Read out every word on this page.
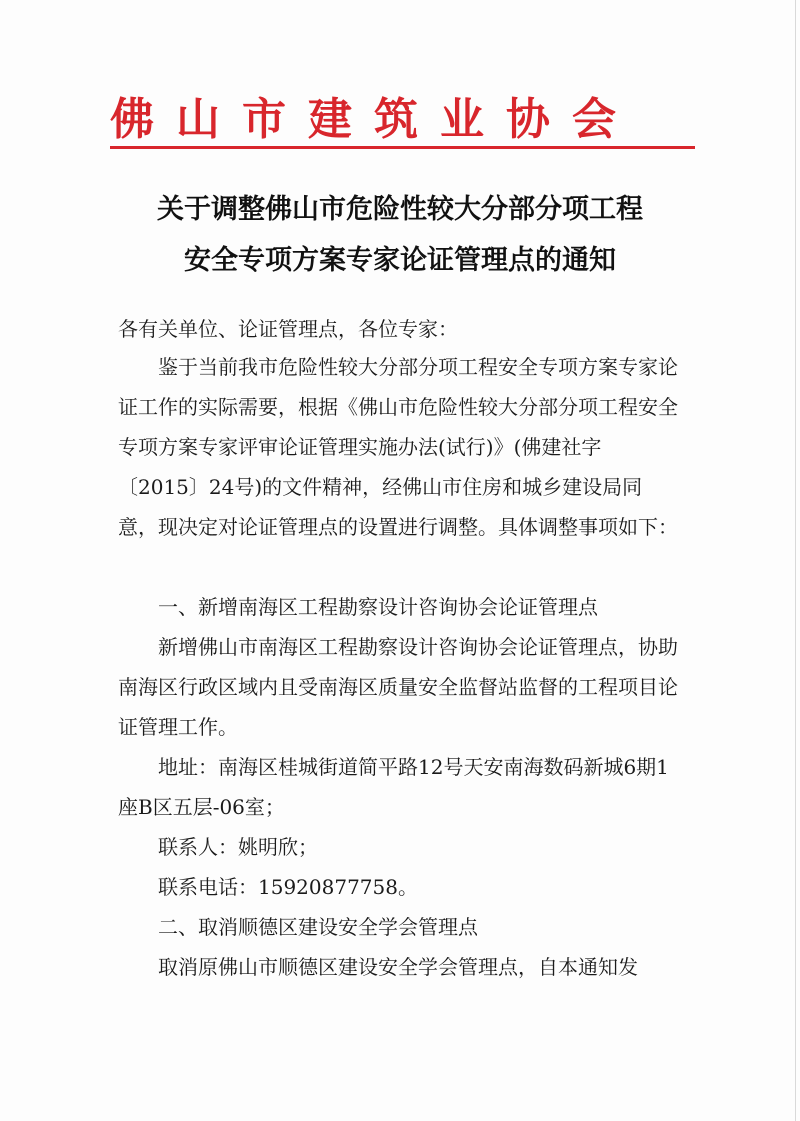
佛山市建筑业协会
关于调整佛山市危险性较大分部分项工程
安全专项方案专家论证管理点的通知
各有关单位、论证管理点，各位专家：

鉴于当前我市危险性较大分部分项工程安全专项方案专家论证工作的实际需要，根据《佛山市危险性较大分部分项工程安全专项方案专家评审论证管理实施办法(试行)》(佛建社字〔2015〕24号)的文件精神，经佛山市住房和城乡建设局同意，现决定对论证管理点的设置进行调整。具体调整事项如下：

一、新增南海区工程勘察设计咨询协会论证管理点

新增佛山市南海区工程勘察设计咨询协会论证管理点，协助南海区行政区域内且受南海区质量安全监督站监督的工程项目论证管理工作。

地址：南海区桂城街道简平路12号天安南海数码新城6期1座B区五层-06室；

联系人：姚明欣；

联系电话：15920877758。

二、取消顺德区建设安全学会管理点

取消原佛山市顺德区建设安全学会管理点，自本通知发
